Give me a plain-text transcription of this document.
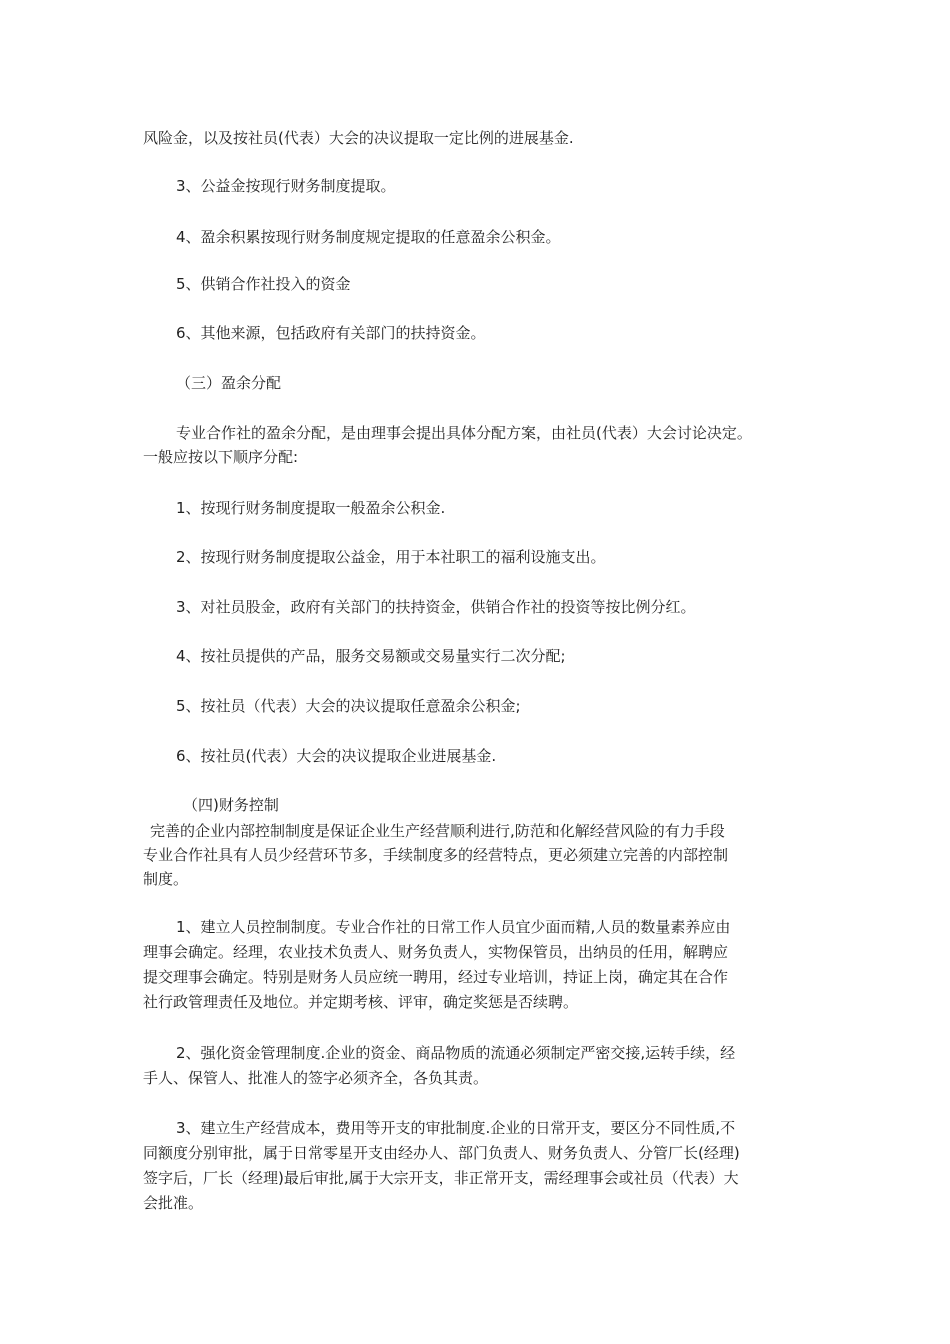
风险金，以及按社员(代表）大会的决议提取一定比例的进展基金.
3、公益金按现行财务制度提取。
4、盈余积累按现行财务制度规定提取的任意盈余公积金。
5、供销合作社投入的资金
6、其他来源，包括政府有关部门的扶持资金。
（三）盈余分配
专业合作社的盈余分配，是由理事会提出具体分配方案，由社员(代表）大会讨论决定。
一般应按以下顺序分配:
1、按现行财务制度提取一般盈余公积金.
2、按现行财务制度提取公益金，用于本社职工的福利设施支出。
3、对社员股金，政府有关部门的扶持资金，供销合作社的投资等按比例分红。
4、按社员提供的产品，服务交易额或交易量实行二次分配;
5、按社员（代表）大会的决议提取任意盈余公积金;
6、按社员(代表）大会的决议提取企业进展基金.
（四)财务控制
完善的企业内部控制制度是保证企业生产经营顺利进行,防范和化解经营风险的有力手段
专业合作社具有人员少经营环节多，手续制度多的经营特点，更必须建立完善的内部控制
制度。
1、建立人员控制制度。专业合作社的日常工作人员宜少面而精,人员的数量素养应由
理事会确定。经理，农业技术负责人、财务负责人，实物保管员，出纳员的任用，解聘应
提交理事会确定。特别是财务人员应统一聘用，经过专业培训，持证上岗，确定其在合作
社行政管理责任及地位。并定期考核、评审，确定奖惩是否续聘。
2、强化资金管理制度.企业的资金、商品物质的流通必须制定严密交接,运转手续，经
手人、保管人、批准人的签字必须齐全，各负其责。
3、建立生产经营成本，费用等开支的审批制度.企业的日常开支，要区分不同性质,不
同额度分别审批，属于日常零星开支由经办人、部门负责人、财务负责人、分管厂长(经理)
签字后，厂长（经理)最后审批,属于大宗开支，非正常开支，需经理事会或社员（代表）大
会批准。
